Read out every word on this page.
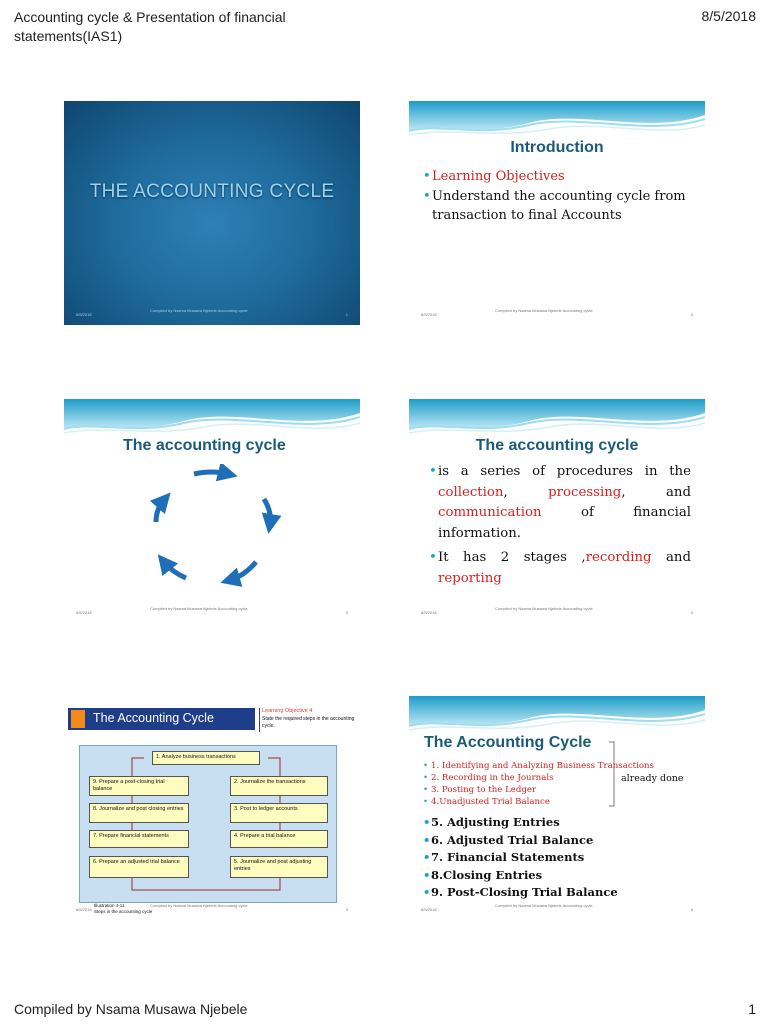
Accounting cycle & Presentation of financial statements(IAS1)
8/5/2018
THE ACCOUNTING CYCLE
8/5/2018
Compiled by Nsama Musawa Njebele Accounting cycle
1
Introduction
• Learning Objectives
• Understand the accounting cycle from transaction to final Accounts
8/5/2018
Compiled by Nsama Musawa Njebele Accounting cycle
2
The accounting cycle
8/5/2018
Compiled by Nsama Musawa Njebele Accounting cycle
3
The accounting cycle
• is a series of procedures in the collection,	processing, and communication	of financial
information.
• It has 2 stages ,recording and
reporting
8/5/2018
Compiled by Nsama Musawa Njebele Accounting cycle
4
The Accounting Cycle	Learning Objective 4
State the required steps in the accounting cycle.
1. Analyze business transactions
2. Journalize the transactions
3. Post to ledger accounts
4. Prepare a trial balance
5. Journalize and post adjusting entries
6. Prepare an adjusted trial balance
7. Prepare financial statements
8. Journalize and post closing entries
9. Prepare a post-closing trial balance
Illustration 4-11
Steps in the accounting cycle
8/5/2018
Compiled by Nsama Musawa Njebele Accounting cycle
5
The Accounting Cycle
• 1. Identifying and Analyzing Business Transactions
• 2. Recording in the Journals
• 3. Posting to the Ledger
• 4.Unadjusted Trial Balance
already done
• 5. Adjusting Entries
• 6. Adjusted Trial Balance
• 7. Financial Statements
• 8.Closing Entries
• 9. Post-Closing Trial Balance
8/5/2018
Compiled by Nsama Musawa Njebele Accounting cycle
6
Compiled by Nsama Musawa Njebele	1
